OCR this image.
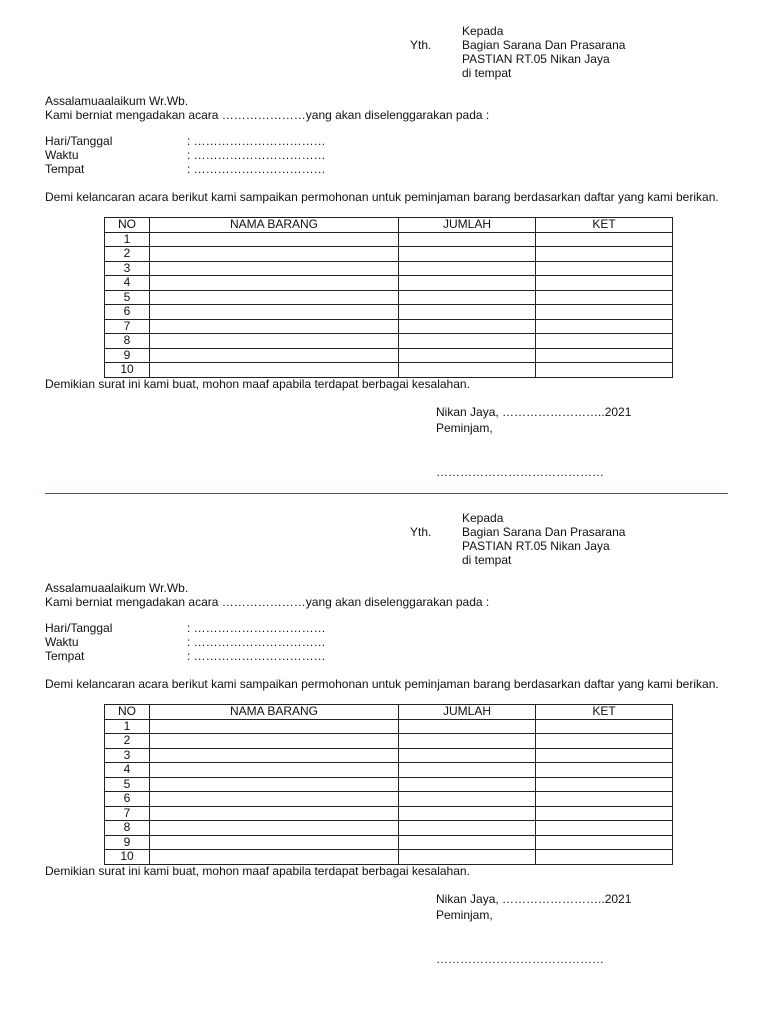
Kepada
Bagian Sarana Dan Prasarana
PASTIAN RT.05 Nikan Jaya
di tempat
Yth.
Assalamuaalaikum Wr.Wb.
Kami berniat mengadakan acara …………………yang akan diselenggarakan pada :
Hari/Tanggal	: ……………………………
Waktu	: ……………………………
Tempat	: ……………………………
Demi kelancaran acara berikut kami sampaikan permohonan untuk peminjaman barang berdasarkan daftar yang kami berikan.
NO	NAMA BARANG	JUMLAH	KET
1			
2			
3			
4			
5			
6			
7			
8			
9			
10			
Demikian surat ini kami buat, mohon maaf apabila terdapat berbagai kesalahan.
Nikan Jaya, ……………………..2021
Peminjam,
……………………………………
Kepada
Bagian Sarana Dan Prasarana
PASTIAN RT.05 Nikan Jaya
di tempat
Yth.
Assalamuaalaikum Wr.Wb.
Kami berniat mengadakan acara …………………yang akan diselenggarakan pada :
Hari/Tanggal	: ……………………………
Waktu	: ……………………………
Tempat	: ……………………………
Demi kelancaran acara berikut kami sampaikan permohonan untuk peminjaman barang berdasarkan daftar yang kami berikan.
NO	NAMA BARANG	JUMLAH	KET
1			
2			
3			
4			
5			
6			
7			
8			
9			
10			
Demikian surat ini kami buat, mohon maaf apabila terdapat berbagai kesalahan.
Nikan Jaya, ……………………..2021
Peminjam,
……………………………………
